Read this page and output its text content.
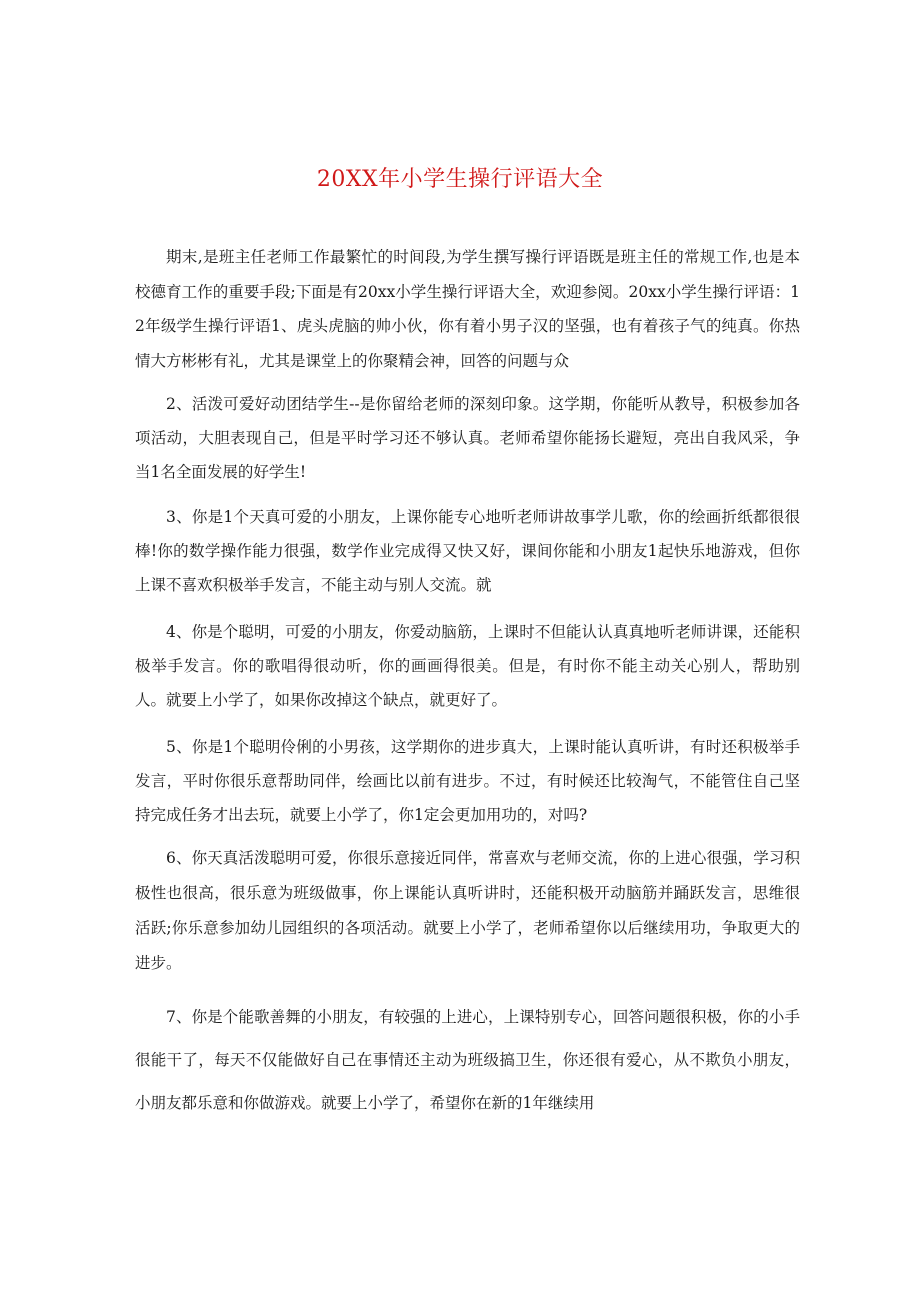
20XX年小学生操行评语大全

期末,是班主任老师工作最繁忙的时间段,为学生撰写操行评语既是班主任的常规工作,也是本校德育工作的重要手段;下面是有20xx小学生操行评语大全，欢迎参阅。20xx小学生操行评语：12年级学生操行评语1、虎头虎脑的帅小伙，你有着小男子汉的坚强，也有着孩子气的纯真。你热情大方彬彬有礼，尤其是课堂上的你聚精会神，回答的问题与众

2、活泼可爱好动团结学生--是你留给老师的深刻印象。这学期，你能听从教导，积极参加各项活动，大胆表现自己，但是平时学习还不够认真。老师希望你能扬长避短，亮出自我风采，争当1名全面发展的好学生!

3、你是1个天真可爱的小朋友，上课你能专心地听老师讲故事学儿歌，你的绘画折纸都很很棒!你的数学操作能力很强，数学作业完成得又快又好，课间你能和小朋友1起快乐地游戏，但你上课不喜欢积极举手发言，不能主动与别人交流。就

4、你是个聪明，可爱的小朋友，你爱动脑筋，上课时不但能认认真真地听老师讲课，还能积极举手发言。你的歌唱得很动听，你的画画得很美。但是，有时你不能主动关心别人，帮助别人。就要上小学了，如果你改掉这个缺点，就更好了。

5、你是1个聪明伶俐的小男孩，这学期你的进步真大，上课时能认真听讲，有时还积极举手发言，平时你很乐意帮助同伴，绘画比以前有进步。不过，有时候还比较淘气，不能管住自己坚持完成任务才出去玩，就要上小学了，你1定会更加用功的，对吗?

6、你天真活泼聪明可爱，你很乐意接近同伴，常喜欢与老师交流，你的上进心很强，学习积极性也很高，很乐意为班级做事，你上课能认真听讲时，还能积极开动脑筋并踊跃发言，思维很活跃;你乐意参加幼儿园组织的各项活动。就要上小学了，老师希望你以后继续用功，争取更大的进步。

7、你是个能歌善舞的小朋友，有较强的上进心，上课特别专心，回答问题很积极，你的小手很能干了，每天不仅能做好自己在事情还主动为班级搞卫生，你还很有爱心，从不欺负小朋友，小朋友都乐意和你做游戏。就要上小学了，希望你在新的1年继续用
